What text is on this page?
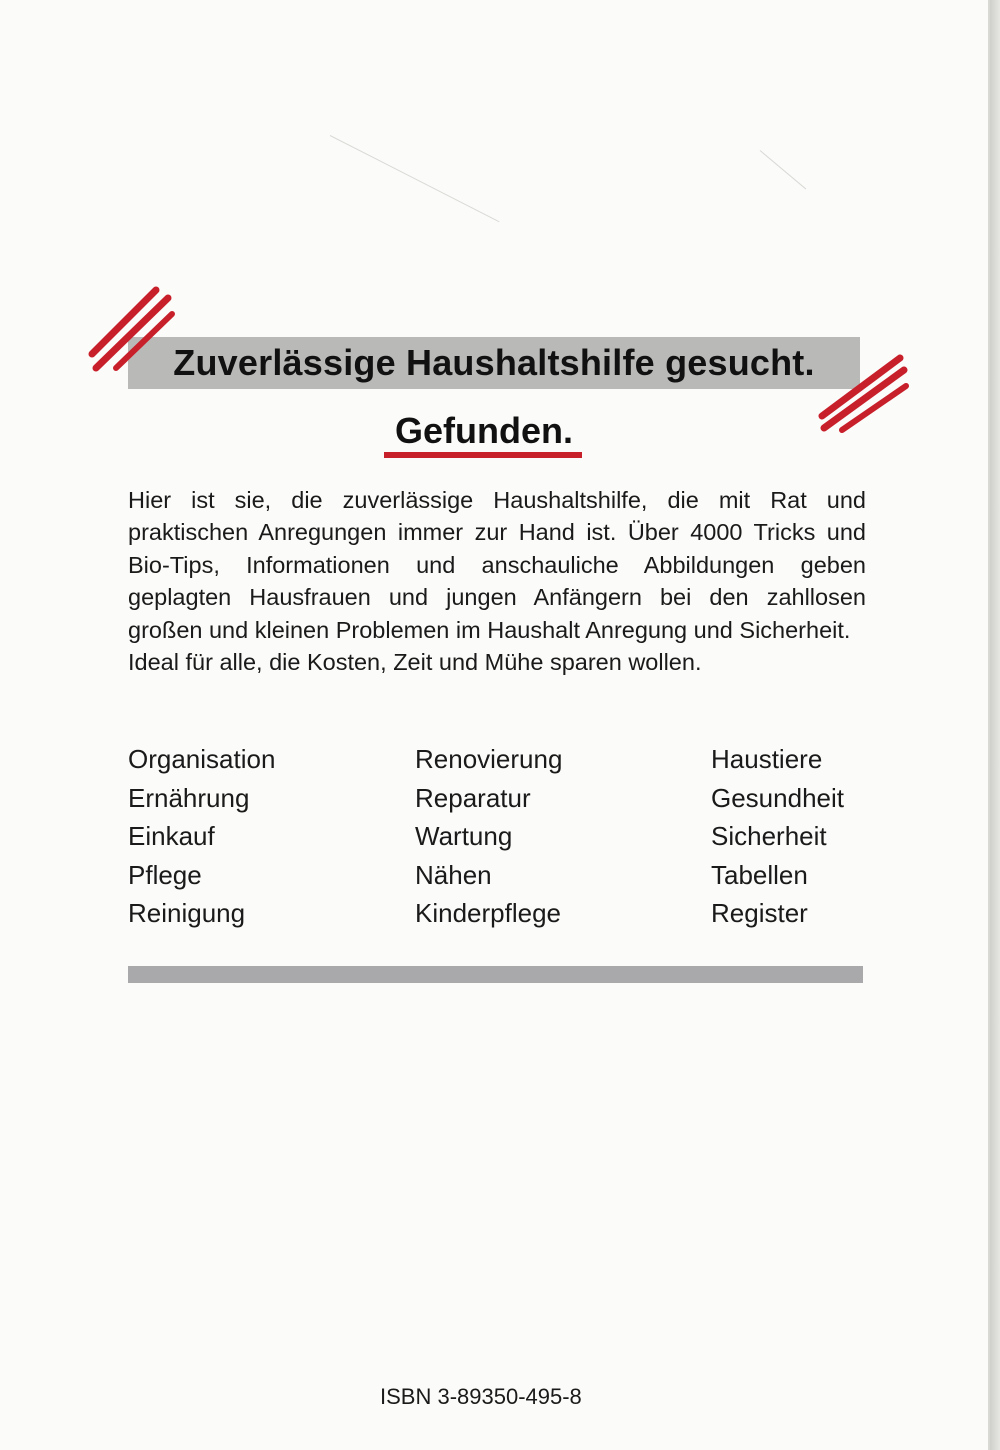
Zuverlässige Haushaltshilfe gesucht.
Gefunden.

Hier ist sie, die zuverlässige Haushaltshilfe, die mit Rat und praktischen Anregungen immer zur Hand ist. Über 4000 Tricks und Bio-Tips, Informationen und anschauliche Abbildungen geben geplagten Hausfrauen und jungen Anfängern bei den zahllosen großen und kleinen Problemen im Haushalt Anregung und Sicherheit.

Ideal für alle, die Kosten, Zeit und Mühe sparen wollen.

Organisation
Ernährung
Einkauf
Pflege
Reinigung
Renovierung
Reparatur
Wartung
Nähen
Kinderpflege
Haustiere
Gesundheit
Sicherheit
Tabellen
Register
ISBN 3-89350-495-8
